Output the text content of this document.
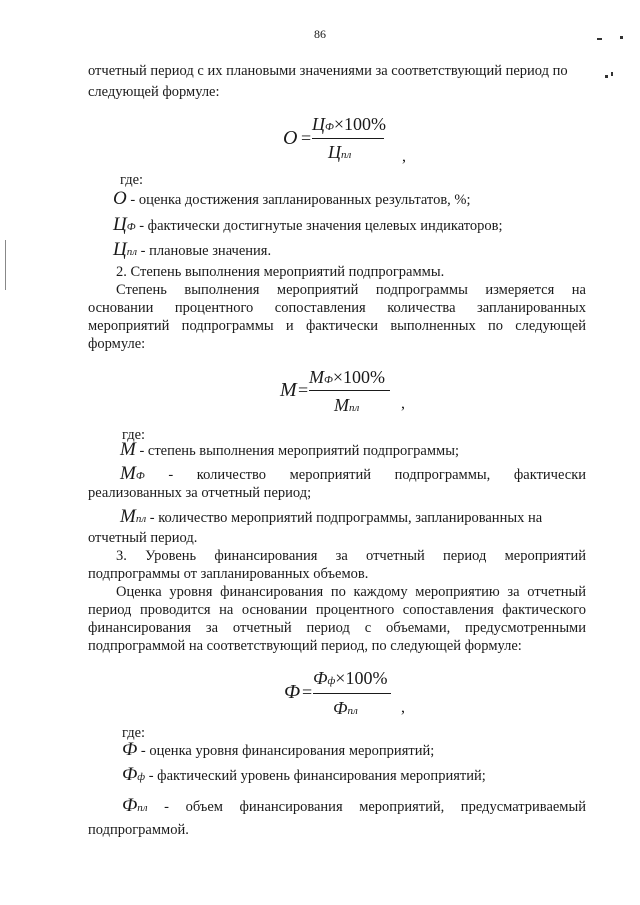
86
отчетный период с их плановыми значениями за соответствующий период по
следующей формуле:
О =
ЦФ×100%
Цпл	,
где:
О - оценка достижения запланированных результатов, %;
ЦФ - фактически достигнутые значения целевых индикаторов;
Цпл - плановые значения.
2. Степень выполнения мероприятий подпрограммы.
Степень выполнения мероприятий подпрограммы измеряется на
основании процентного сопоставления количества запланированных
мероприятий подпрограммы и фактически выполненных по следующей
формуле:
М =
МФ×100%
Мпл	,
где:
М - степень выполнения мероприятий подпрограммы;
МФ - количество мероприятий подпрограммы, фактически
реализованных за отчетный период;
Мпл - количество мероприятий подпрограммы, запланированных на
отчетный период.
3. Уровень финансирования за отчетный период мероприятий
подпрограммы от запланированных объемов.
Оценка уровня финансирования по каждому мероприятию за отчетный
период проводится на основании процентного сопоставления фактического
финансирования за отчетный период с объемами, предусмотренными
подпрограммой на соответствующий период, по следующей формуле:
Ф =
Фф×100%
Фпл	,
где:
Ф - оценка уровня финансирования мероприятий;
Фф - фактический уровень финансирования мероприятий;
Фпл - объем финансирования мероприятий, предусматриваемый
подпрограммой.
